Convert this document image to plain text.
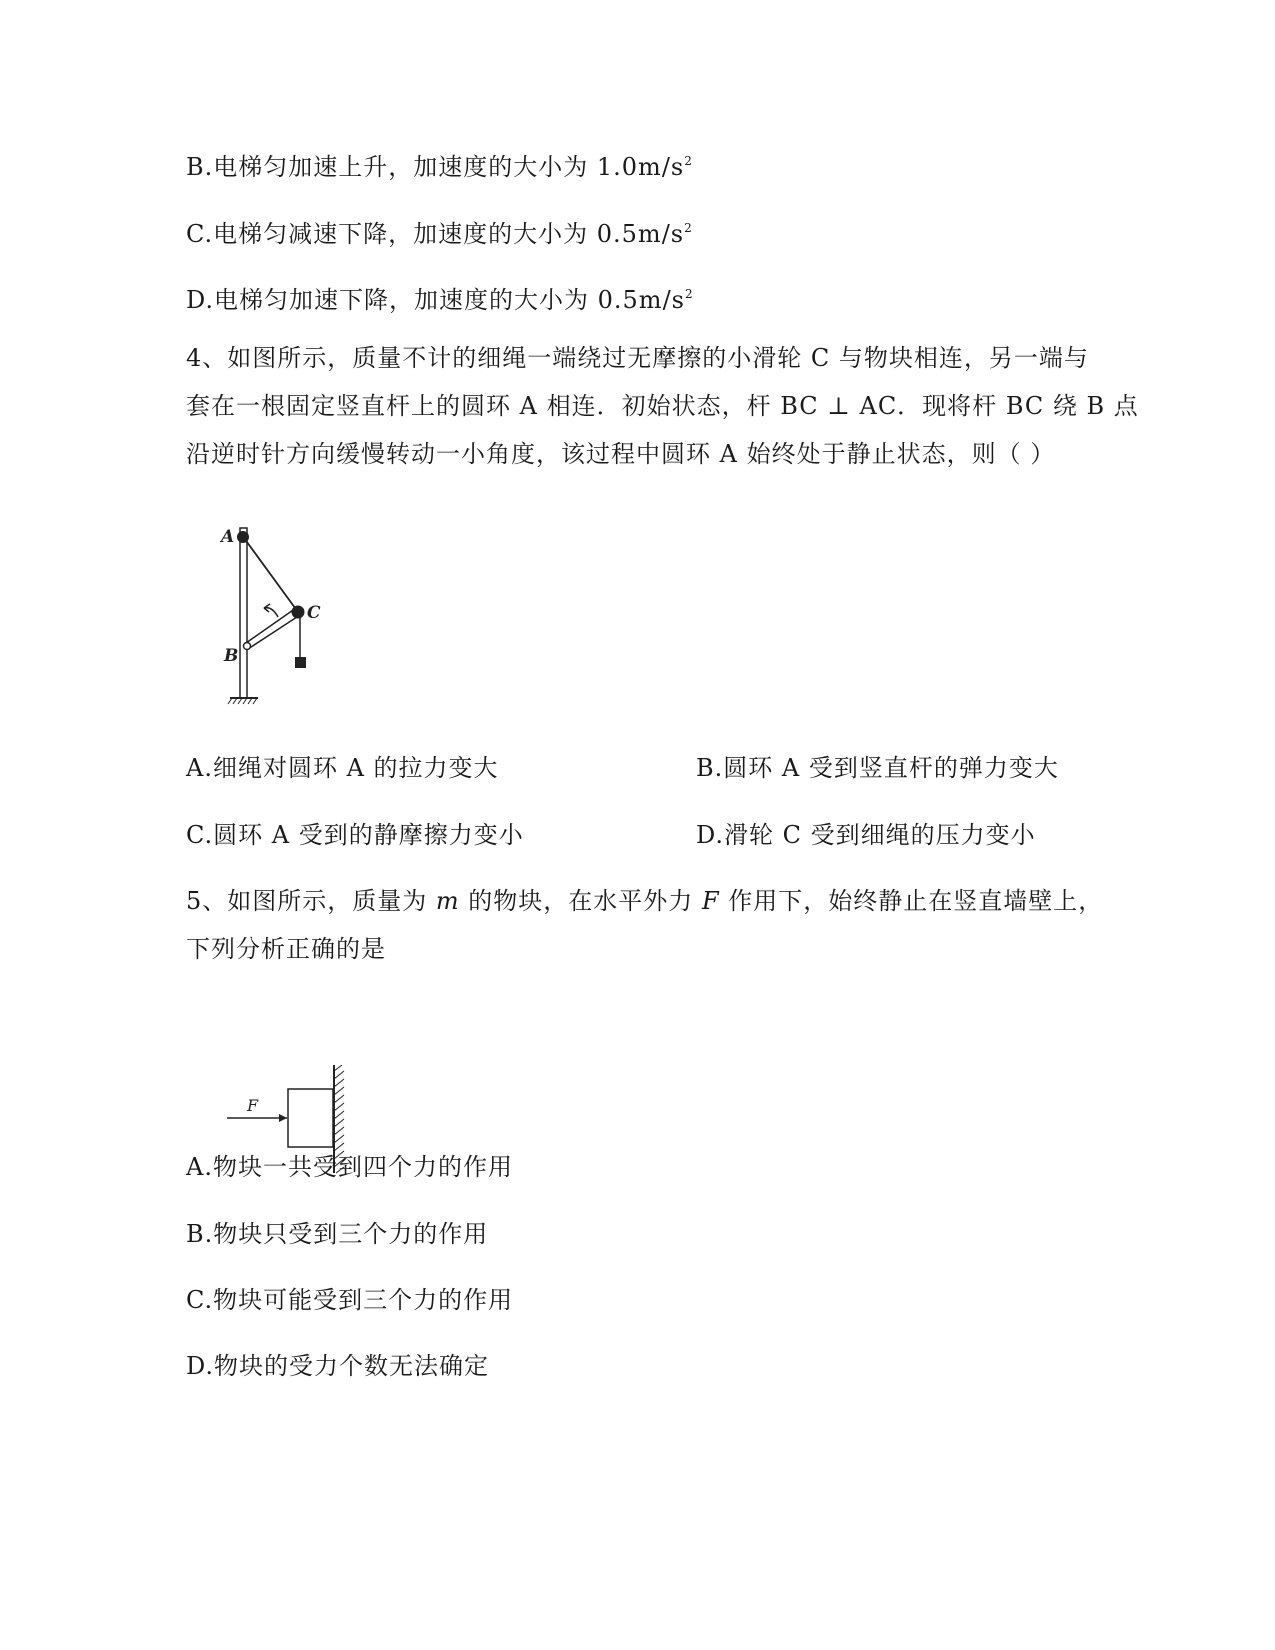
B.电梯匀加速上升，加速度的大小为 $1.0m/s^2$
C.电梯匀减速下降，加速度的大小为 $0.5m/s^2$
D.电梯匀加速下降，加速度的大小为 $0.5m/s^2$
4、如图所示，质量不计的细绳一端绕过无摩擦的小滑轮 C 与物块相连，另一端与
套在一根固定竖直杆上的圆环 A 相连．初始状态，杆 BC ⊥ AC．现将杆 BC 绕 B 点
沿逆时针方向缓慢转动一小角度，该过程中圆环 A 始终处于静止状态，则（ ）
A
B
C
A.细绳对圆环 A 的拉力变大	B.圆环 A 受到竖直杆的弹力变大
C.圆环 A 受到的静摩擦力变小	D.滑轮 C 受到细绳的压力变小
5、如图所示，质量为 m 的物块，在水平外力 F 作用下，始终静止在竖直墙壁上，
下列分析正确的是
F
A.物块一共受到四个力的作用
B.物块只受到三个力的作用
C.物块可能受到三个力的作用
D.物块的受力个数无法确定
